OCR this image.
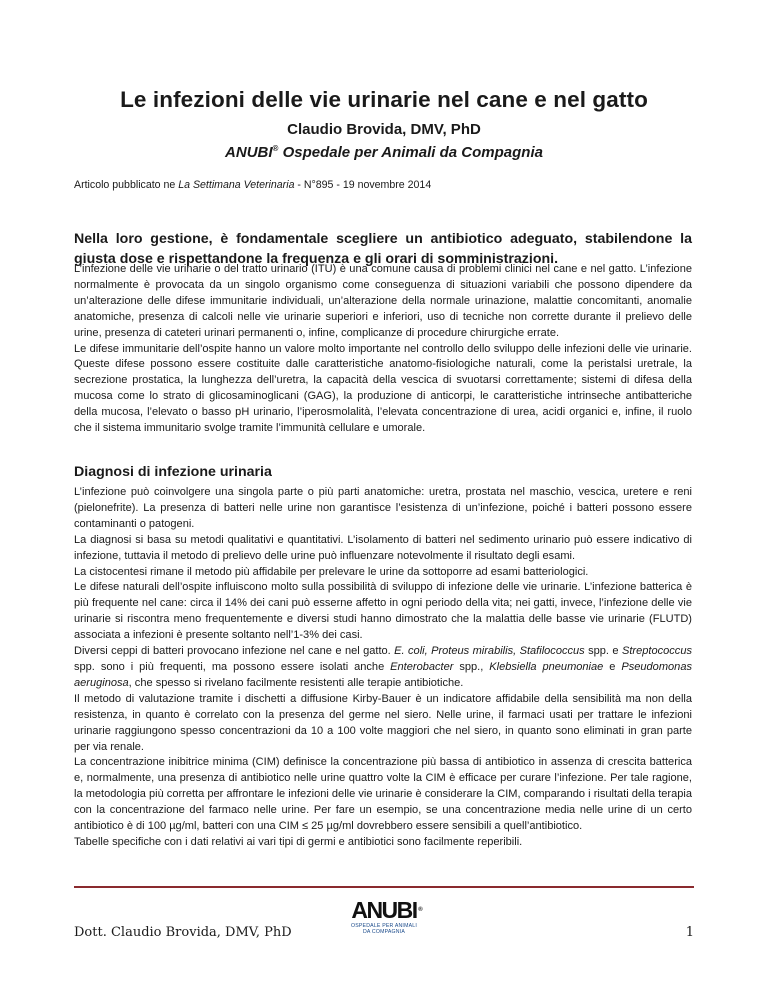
Le infezioni delle vie urinarie nel cane e nel gatto

Claudio Brovida, DMV, PhD

ANUBI® Ospedale per Animali da Compagnia

Articolo pubblicato ne La Settimana Veterinaria - N°895 - 19 novembre 2014

Nella loro gestione, è fondamentale scegliere un antibiotico adeguato, stabilendone la giusta dose e rispettandone la frequenza e gli orari di somministrazioni.

L’infezione delle vie urinarie o del tratto urinario (ITU) è una comune causa di problemi clinici nel cane e nel gatto. L’infezione normalmente è provocata da un singolo organismo come conseguenza di situazioni variabili che possono dipendere da un’alterazione delle difese immunitarie individuali, un’alterazione della normale urinazione, malattie concomitanti, anomalie anatomiche, presenza di calcoli nelle vie urinarie superiori e inferiori, uso di tecniche non corrette durante il prelievo delle urine, presenza di cateteri urinari permanenti o, infine, complicanze di procedure chirurgiche errate.

Le difese immunitarie dell’ospite hanno un valore molto importante nel controllo dello sviluppo delle infezioni delle vie urinarie. Queste difese possono essere costituite dalle caratteristiche anatomo-fisiologiche naturali, come la peristalsi uretrale, la secrezione prostatica, la lunghezza dell’uretra, la capacità della vescica di svuotarsi correttamente; sistemi di difesa della mucosa come lo strato di glicosaminoglicani (GAG), la produzione di anticorpi, le caratteristiche intrinseche antibatteriche della mucosa, l’elevato o basso pH urinario, l’iperosmolalità, l’elevata concentrazione di urea, acidi organici e, infine, il ruolo che il sistema immunitario svolge tramite l’immunità cellulare e umorale.

Diagnosi di infezione urinaria

L’infezione può coinvolgere una singola parte o più parti anatomiche: uretra, prostata nel maschio, vescica, uretere e reni (pielonefrite). La presenza di batteri nelle urine non garantisce l’esistenza di un’infezione, poiché i batteri possono essere contaminanti o patogeni.

La diagnosi si basa su metodi qualitativi e quantitativi. L’isolamento di batteri nel sedimento urinario può essere indicativo di infezione, tuttavia il metodo di prelievo delle urine può influenzare notevolmente il risultato degli esami.

La cistocentesi rimane il metodo più affidabile per prelevare le urine da sottoporre ad esami batteriologici.

Le difese naturali dell’ospite influiscono molto sulla possibilità di sviluppo di infezione delle vie urinarie. L’infezione batterica è più frequente nel cane: circa il 14% dei cani può esserne affetto in ogni periodo della vita; nei gatti, invece, l’infezione delle vie urinarie si riscontra meno frequentemente e diversi studi hanno dimostrato che la malattia delle basse vie urinarie (FLUTD) associata a infezioni è presente soltanto nell’1-3% dei casi.

Diversi ceppi di batteri provocano infezione nel cane e nel gatto. E. coli, Proteus mirabilis, Stafilococcus spp. e Streptococcus spp. sono i più frequenti, ma possono essere isolati anche Enterobacter spp., Klebsiella pneumoniae e Pseudomonas aeruginosa, che spesso si rivelano facilmente resistenti alle terapie antibiotiche.

Il metodo di valutazione tramite i dischetti a diffusione Kirby-Bauer è un indicatore affidabile della sensibilità ma non della resistenza, in quanto è correlato con la presenza del germe nel siero. Nelle urine, il farmaci usati per trattare le infezioni urinarie raggiungono spesso concentrazioni da 10 a 100 volte maggiori che nel siero, in quanto sono eliminati in gran parte per via renale.

La concentrazione inibitrice minima (CIM) definisce la concentrazione più bassa di antibiotico in assenza di crescita batterica e, normalmente, una presenza di antibiotico nelle urine quattro volte la CIM è efficace per curare l’infezione. Per tale ragione, la metodologia più corretta per affrontare le infezioni delle vie urinarie è considerare la CIM, comparando i risultati della terapia con la concentrazione del farmaco nelle urine. Per fare un esempio, se una concentrazione media nelle urine di un certo antibiotico è di 100 µg/ml, batteri con una CIM ≤ 25 µg/ml dovrebbero essere sensibili a quell’antibiotico.

Tabelle specifiche con i dati relativi ai vari tipi di germi e antibiotici sono facilmente reperibili.

Dott. Claudio Brovida, DMV, PhD
ANUBI ®
OSPEDALE PER ANIMALI
DA COMPAGNIA	1
